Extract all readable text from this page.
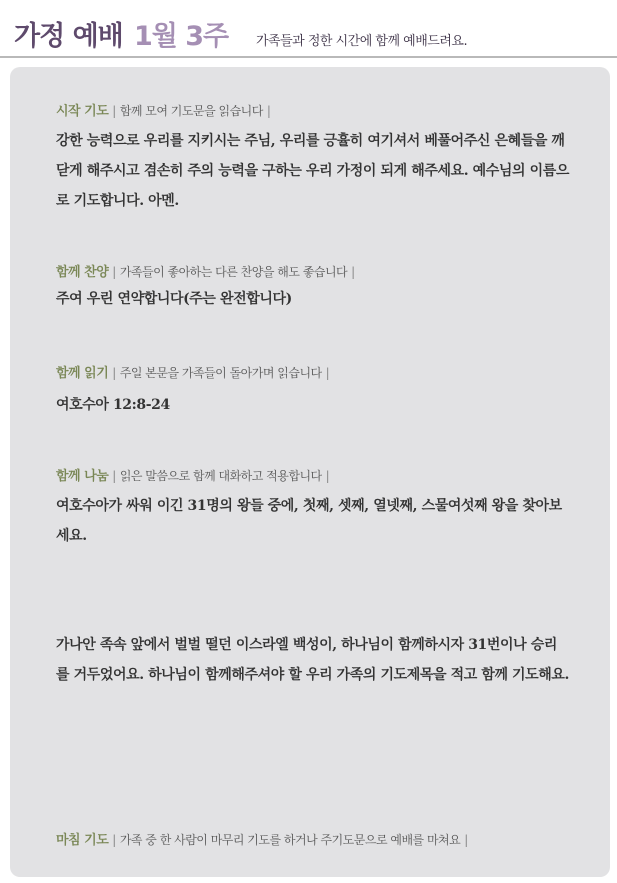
가정 예배 1월 3주 가족들과 정한 시간에 함께 예배드려요.
시작 기도 | 함께 모여 기도문을 읽습니다 |
강한 능력으로 우리를 지키시는 주님, 우리를 긍휼히 여기셔서 베풀어주신 은혜들을 깨닫게 해주시고 겸손히 주의 능력을 구하는 우리 가정이 되게 해주세요. 예수님의 이름으로 기도합니다. 아멘.
함께 찬양 | 가족들이 좋아하는 다른 찬양을 해도 좋습니다 |
주여 우린 연약합니다(주는 완전합니다)
함께 읽기 | 주일 본문을 가족들이 돌아가며 읽습니다 |
여호수아 12:8-24
함께 나눔 | 읽은 말씀으로 함께 대화하고 적용합니다 |
여호수아가 싸워 이긴 31명의 왕들 중에, 첫째, 셋째, 열넷째, 스물여섯째 왕을 찾아보세요.
가나안 족속 앞에서 벌벌 떨던 이스라엘 백성이, 하나님이 함께하시자 31번이나 승리를 거두었어요. 하나님이 함께해주셔야 할 우리 가족의 기도제목을 적고 함께 기도해요.
마침 기도 | 가족 중 한 사람이 마무리 기도를 하거나 주기도문으로 예배를 마쳐요 |
